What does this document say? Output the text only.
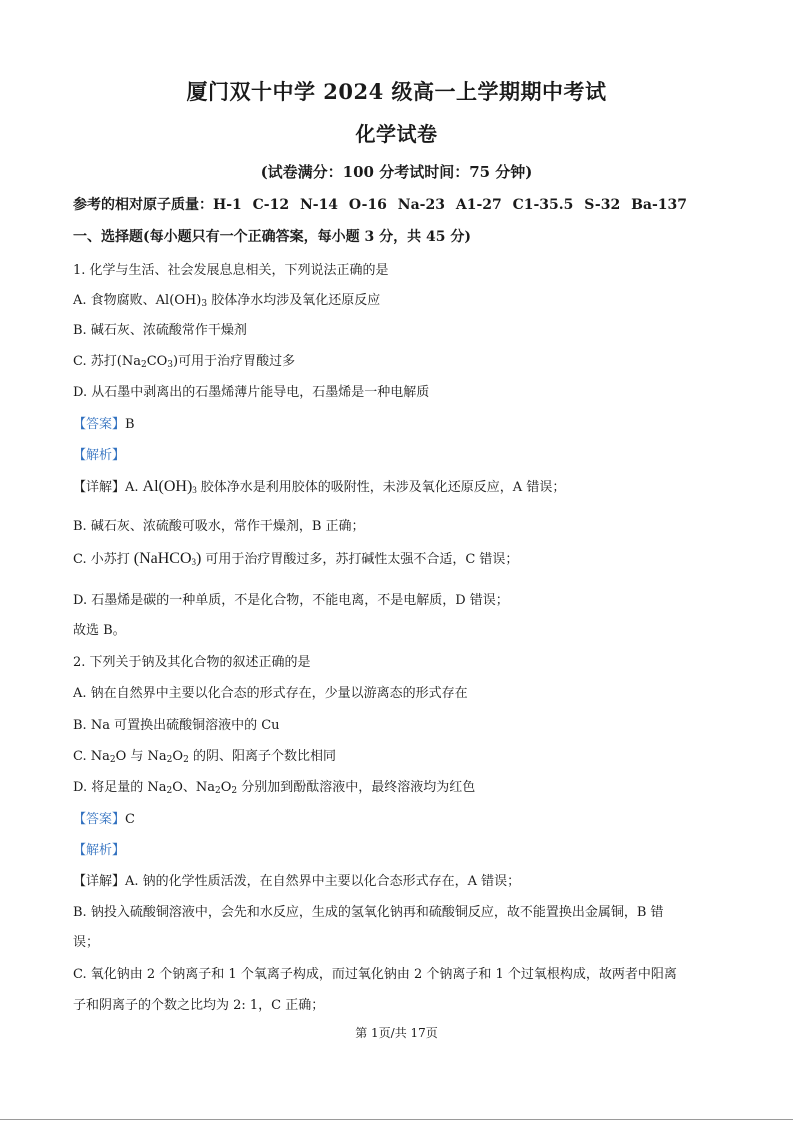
厦门双十中学 2024 级高一上学期期中考试
化学试卷
(试卷满分：100 分考试时间：75 分钟)
参考的相对原子质量：H-1 C-12 N-14 O-16 Na-23 A1-27 C1-35.5 S-32 Ba-137
一、选择题(每小题只有一个正确答案，每小题 3 分，共 45 分)
1. 化学与生活、社会发展息息相关，下列说法正确的是
A. 食物腐败、$Al(OH)_3$ 胶体净水均涉及氧化还原反应
B. 碱石灰、浓硫酸常作干燥剂
C. 苏打$(Na_2CO_3)$可用于治疗胃酸过多
D. 从石墨中剥离出的石墨烯薄片能导电，石墨烯是一种电解质
【答案】B
【解析】
【详解】A. $Al(OH)_3$ 胶体净水是利用胶体的吸附性，未涉及氧化还原反应，A 错误；
B. 碱石灰、浓硫酸可吸水，常作干燥剂，B 正确；
C. 小苏打 (NaHCO$_3$) 可用于治疗胃酸过多，苏打碱性太强不合适，C 错误；
D. 石墨烯是碳的一种单质，不是化合物，不能电离，不是电解质，D 错误；
故选 B。
2. 下列关于钠及其化合物的叙述正确的是
A. 钠在自然界中主要以化合态的形式存在，少量以游离态的形式存在
B. Na 可置换出硫酸铜溶液中的 Cu
C. $Na_2O$ 与 $Na_2O_2$ 的阴、阳离子个数比相同
D. 将足量的 $Na_2O$、$Na_2O_2$ 分别加到酚酞溶液中，最终溶液均为红色
【答案】C
【解析】
【详解】A. 钠的化学性质活泼，在自然界中主要以化合态形式存在，A 错误；
B. 钠投入硫酸铜溶液中，会先和水反应，生成的氢氧化钠再和硫酸铜反应，故不能置换出金属铜，B 错
误；
C. 氧化钠由 2 个钠离子和 1 个氧离子构成，而过氧化钠由 2 个钠离子和 1 个过氧根构成，故两者中阳离
子和阴离子的个数之比均为 2: 1，C 正确；
第 1页/共 17页
